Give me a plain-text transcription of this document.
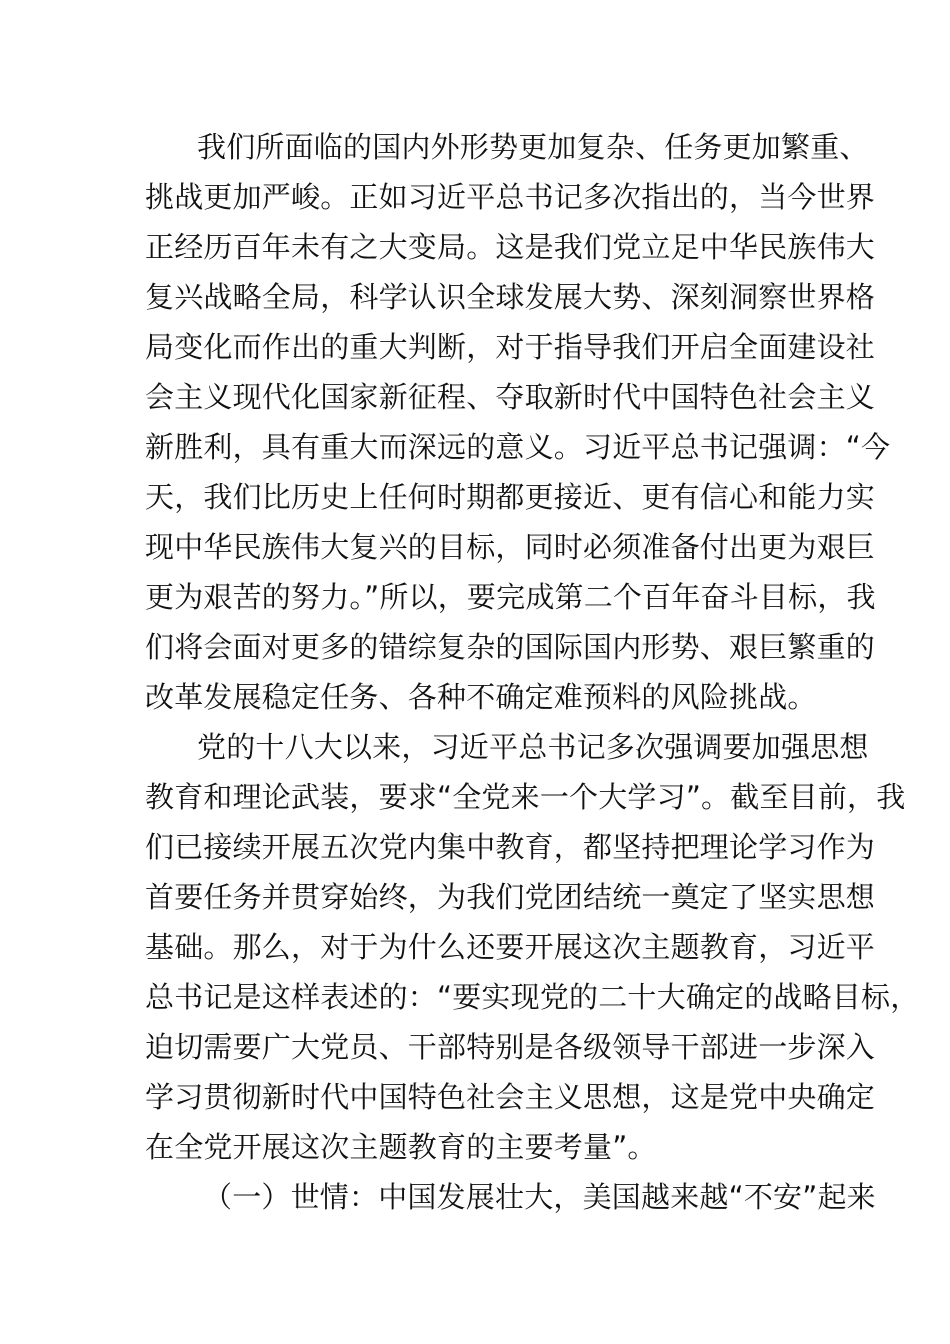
我们所面临的国内外形势更加复杂、任务更加繁重、
挑战更加严峻。正如习近平总书记多次指出的，当今世界
正经历百年未有之大变局。这是我们党立足中华民族伟大
复兴战略全局，科学认识全球发展大势、深刻洞察世界格
局变化而作出的重大判断，对于指导我们开启全面建设社
会主义现代化国家新征程、夺取新时代中国特色社会主义
新胜利，具有重大而深远的意义。习近平总书记强调：“今
天，我们比历史上任何时期都更接近、更有信心和能力实
现中华民族伟大复兴的目标，同时必须准备付出更为艰巨
更为艰苦的努力。”所以，要完成第二个百年奋斗目标，我
们将会面对更多的错综复杂的国际国内形势、艰巨繁重的
改革发展稳定任务、各种不确定难预料的风险挑战。
党的十八大以来，习近平总书记多次强调要加强思想
教育和理论武装，要求“全党来一个大学习”。截至目前，我
们已接续开展五次党内集中教育，都坚持把理论学习作为
首要任务并贯穿始终，为我们党团结统一奠定了坚实思想
基础。那么，对于为什么还要开展这次主题教育，习近平
总书记是这样表述的：“要实现党的二十大确定的战略目标，
迫切需要广大党员、干部特别是各级领导干部进一步深入
学习贯彻新时代中国特色社会主义思想，这是党中央确定
在全党开展这次主题教育的主要考量”。
（一）世情：中国发展壮大，美国越来越“不安”起来
